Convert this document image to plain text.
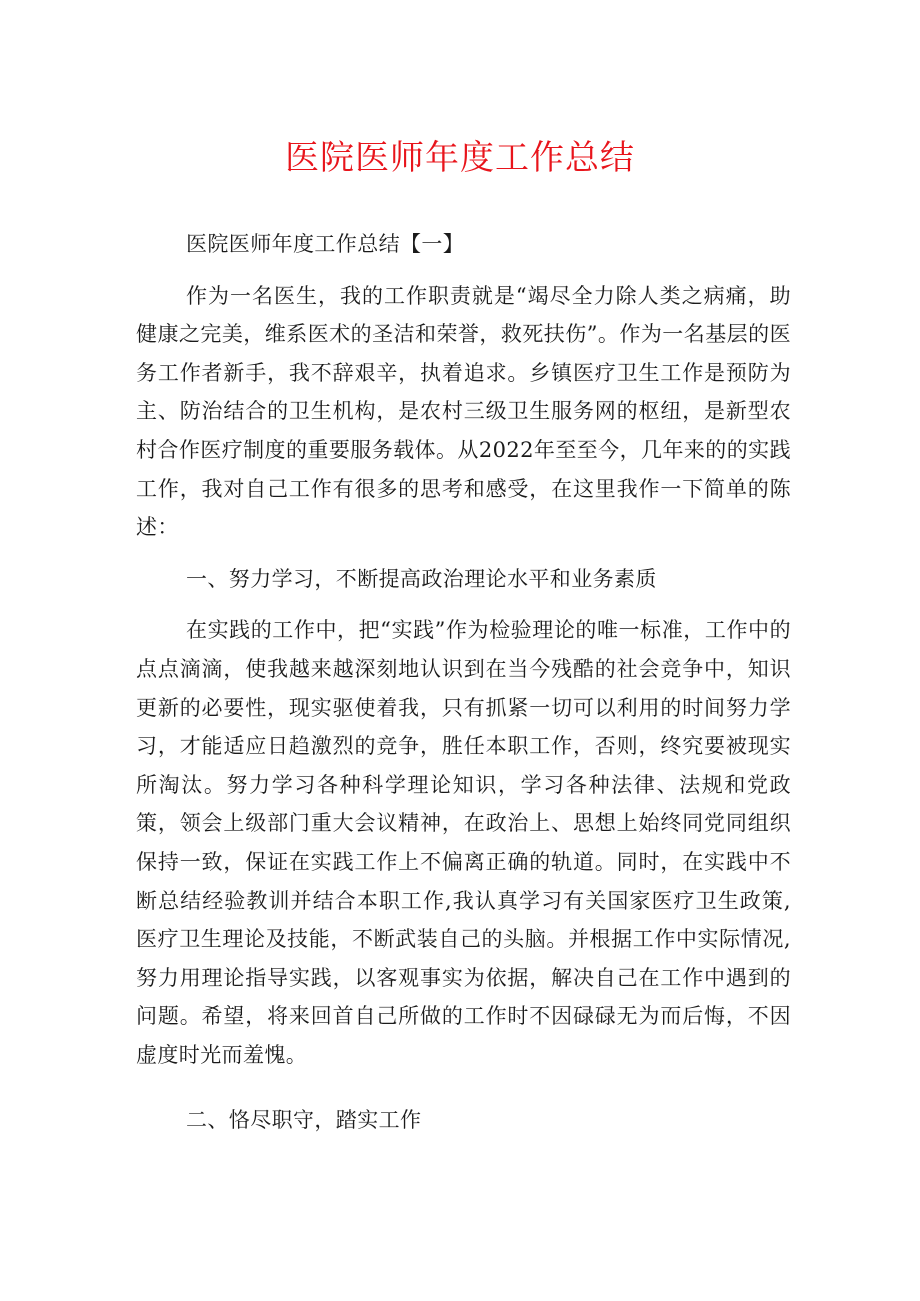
医院医师年度工作总结

医院医师年度工作总结【一】

作为一名医生，我的工作职责就是“竭尽全力除人类之病痛，助健康之完美，维系医术的圣洁和荣誉，救死扶伤”。作为一名基层的医务工作者新手，我不辞艰辛，执着追求。乡镇医疗卫生工作是预防为主、防治结合的卫生机构，是农村三级卫生服务网的枢纽，是新型农村合作医疗制度的重要服务载体。从2022年至至今，几年来的的实践工作，我对自己工作有很多的思考和感受，在这里我作一下简单的陈述：

一、努力学习，不断提高政治理论水平和业务素质

在实践的工作中，把“实践”作为检验理论的唯一标准，工作中的点点滴滴，使我越来越深刻地认识到在当今残酷的社会竞争中，知识更新的必要性，现实驱使着我，只有抓紧一切可以利用的时间努力学习，才能适应日趋激烈的竞争，胜任本职工作，否则，终究要被现实所淘汰。努力学习各种科学理论知识，学习各种法律、法规和党政策，领会上级部门重大会议精神，在政治上、思想上始终同党同组织保持一致，保证在实践工作上不偏离正确的轨道。同时，在实践中不断总结经验教训并结合本职工作,我认真学习有关国家医疗卫生政策,医疗卫生理论及技能，不断武装自己的头脑。并根据工作中实际情况,努力用理论指导实践，以客观事实为依据，解决自己在工作中遇到的问题。希望，将来回首自己所做的工作时不因碌碌无为而后悔，不因虚度时光而羞愧。

二、恪尽职守，踏实工作
